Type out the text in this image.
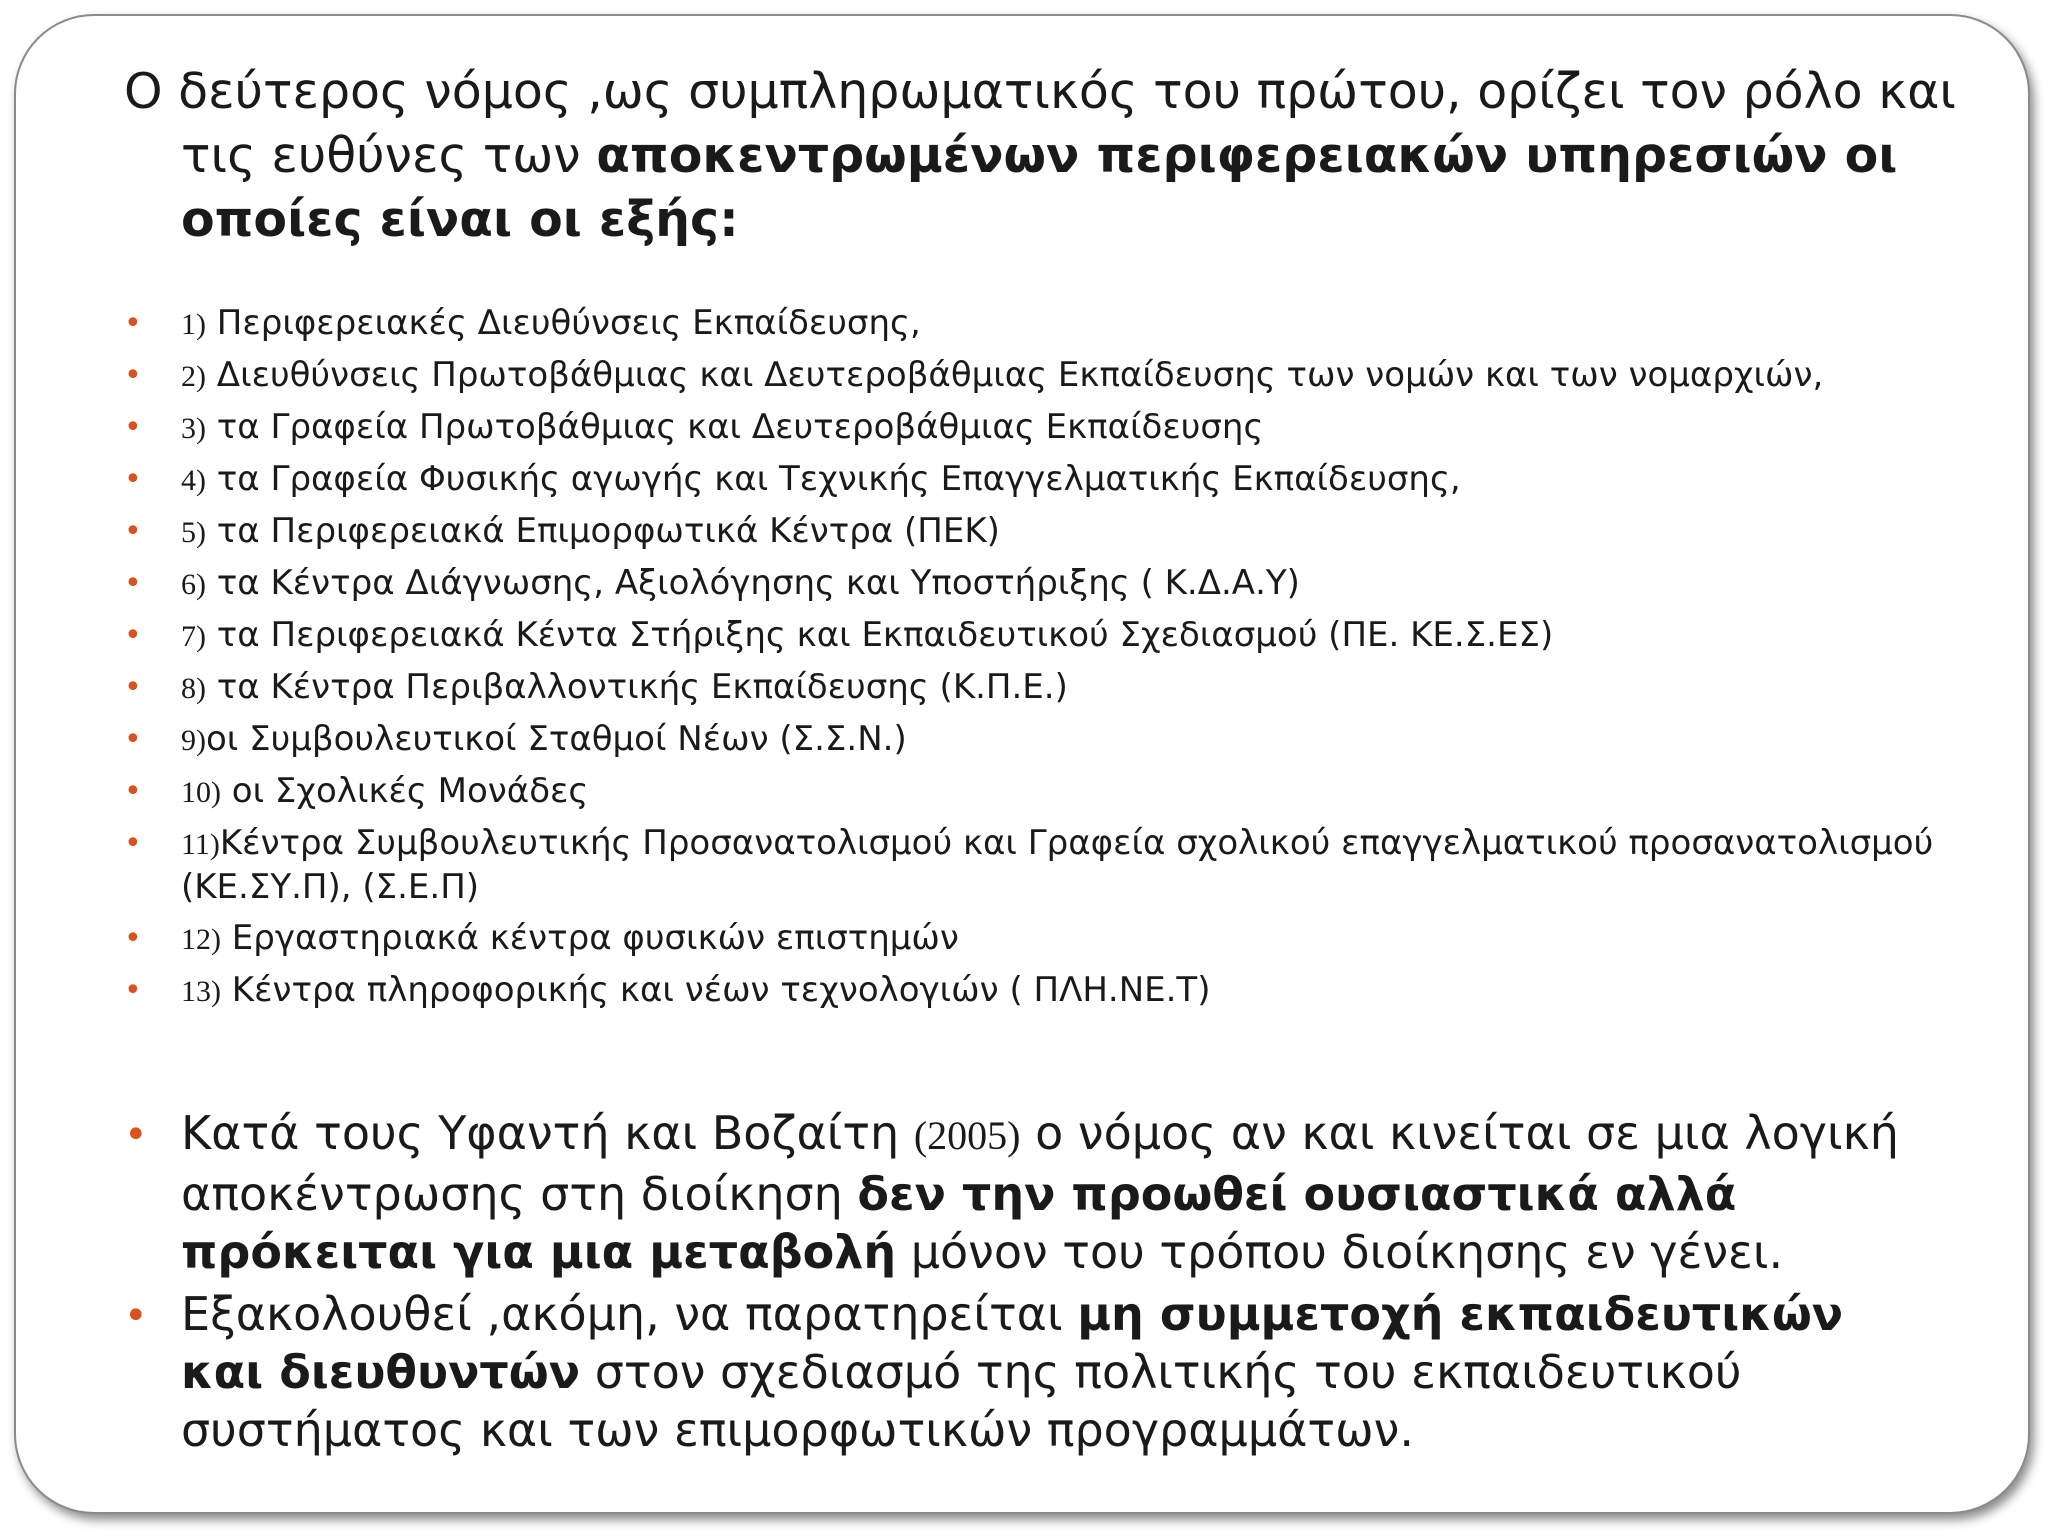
Ο δεύτερος νόμος ,ως συμπληρωματικός του πρώτου, ορίζει τον ρόλο και τις ευθύνες των αποκεντρωμένων περιφερειακών υπηρεσιών οι οποίες είναι οι εξής:
• 1) Περιφερειακές Διευθύνσεις Εκπαίδευσης,
• 2) Διευθύνσεις Πρωτοβάθμιας και Δευτεροβάθμιας Εκπαίδευσης των νομών και των νομαρχιών,
• 3) τα Γραφεία Πρωτοβάθμιας και Δευτεροβάθμιας Εκπαίδευσης
• 4) τα Γραφεία Φυσικής αγωγής και Τεχνικής Επαγγελματικής Εκπαίδευσης,
• 5) τα Περιφερειακά Επιμορφωτικά Κέντρα (ΠΕΚ)
• 6) τα Κέντρα Διάγνωσης, Αξιολόγησης και Υποστήριξης ( Κ.Δ.Α.Υ)
• 7) τα Περιφερειακά Κέντα Στήριξης και Εκπαιδευτικού Σχεδιασμού (ΠΕ. ΚΕ.Σ.ΕΣ)
• 8) τα Κέντρα Περιβαλλοντικής Εκπαίδευσης (Κ.Π.Ε.)
• 9)οι Συμβουλευτικοί Σταθμοί Νέων (Σ.Σ.Ν.)
• 10) οι Σχολικές Μονάδες
• 11)Κέντρα Συμβουλευτικής Προσανατολισμού και Γραφεία σχολικού επαγγελματικού προσανατολισμού (ΚΕ.ΣΥ.Π), (Σ.Ε.Π)
• 12) Εργαστηριακά κέντρα φυσικών επιστημών
• 13) Κέντρα πληροφορικής και νέων τεχνολογιών ( ΠΛΗ.ΝΕ.Τ)
• Κατά τους Υφαντή και Βοζαίτη (2005) ο νόμος αν και κινείται σε μια λογική αποκέντρωσης στη διοίκηση δεν την προωθεί ουσιαστικά αλλά πρόκειται για μια μεταβολή μόνον του τρόπου διοίκησης εν γένει.
• Εξακολουθεί ,ακόμη, να παρατηρείται μη συμμετοχή εκπαιδευτικών και διευθυντών στον σχεδιασμό της πολιτικής του εκπαιδευτικού συστήματος και των επιμορφωτικών προγραμμάτων.
